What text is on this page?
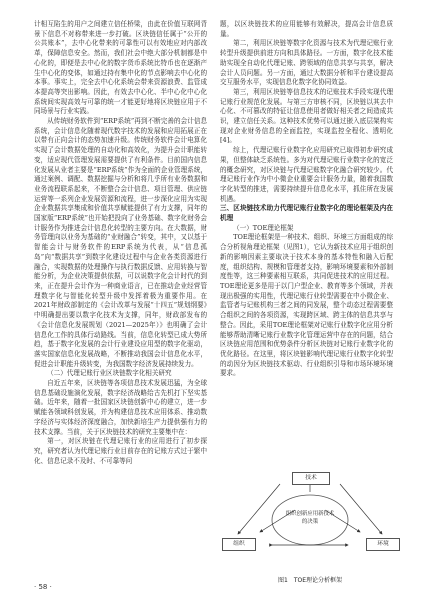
计相互陷生的用户之间建立信任桥梁，由此在价值互联网背景下信息不对称带来进一步打破。区块链信任属于“公开的公共账本”，去中心化带来的可靠性可以有效地应对内部改革，保障信息安全。然而，我们社会中绝大部分机制都是中心化的，即便是去中心化的数字货币系统比特币也在逐渐产生中心化的变体，如通过持有集中化的节点影响去中心化的本事。事实上，完全去中心化系统会带来资源浪费、监管成本提高等突出影响。因此，有效去中心化、半中心化中心化系统间实现高效与可靠的统一才能更好地将区块链应用于不同场景与行业实践。

从传统财务软件到“ERP系统”再到不断完善的会计信息系统，会计信息化随着现代数字技术的发展和应用拓展正在以带有正向会计的态势加速升级。传统财务软件会计电算化实现了会计数据处理的自动化和高效化，为提升会计职能转变，适应现代管理发展需要提供了有利条件。目前国内信息化发展从业者主要是“ERP系统”作为全面的企业管理系统，通过案例、调配、数据挖掘与分析和将几乎所有业务数据和业务流程联系起来，不断整合会计信息、项目管理、供应链运营等一系列企业发展资源和流程，进一步深化应用为实现企业数据共享集成和价值共享赋能提供了有力支撑，同年的国家版“ERP系统”也开始把投向了业务基础、数字化财务会计服务作为推进会计信息化转型的主要方向。在大数据，财务管理向以业务为基础的“业财融合”转变，其中，又以基于智能会计与财务软件的ERP系统为代表，从“信息孤岛”向“数据共享”到数字化建设过程中与企业各类资源进行融合，实现数据的处理操作与执行数据反馈、应用转换与智能分析，为企业决策提供依据，可以说数字化会计时代的到来，正在提升会计作为一种商业语言，已在推动企业经营管理数字化与智能化转型升级中发挥着极为重要作用。在2021年财政部制定的《会计改革与发展“十四五”规划纲要》中明确提出要以数字化技术为支撑，同年，财政部发布的《会计信息化发展规划（2021—2025年）》也明确了会计信息化工作的具体行动路线。当前，信息化转型已成大势所趋，基于数字化发展的会计行业建设应用型的数字化驱动，落实国家信息化发展战略，不断推动我国会计信息化水平，促进会计职能升级转变，为我国数字经济发展持续发力。

（二）代理记账行业区块链数字化相关研究

自近五年来，区块链等各项信息技术发展迅猛，为全球信息基础设施演化发展，数字经济战略给古先机打下坚实基础。近年来，随着一批国家区块链创新中心的建立，进一步赋能各领域科创发展，并为构建信息技术应用体系、推动数字经济与实体经济深度融合，加快新培生产力提供强有力的技术支撑。当前，关于区块链技术的研究主要集中在：

第一，对区块链在代理记账行业的应用进行了初步探究，研究者认为代理记账行业目前存在的记账方式过于繁中化、信息记录不及时、不可靠等问

题，以区块链技术的应用能够有效解决，提高会计信息质量。

第二，利用区块链等数字化资源与技术为代理记账行业转型升级提供前进方向和具体路径。一方面，数字化技术能助实现全自动化代理记账、跨领域的信息共享与共享，解决会计人员问题。另一方面，通过大数据分析和平台建设提高交互服务水平，实现信息化数字化协同效益。

第三，利用区块链等信息技术的记账技术手段实现代理记账行业规范化发展。与第三方审核不同，区块链以其去中心化、不可篡改的特征让信息使用者做好相关者之间造成共识，建立信任关系。这种技术优势可以通过嵌入底层架构实现对企业财务信息的全面监控，实现监控全程化、透明化[4]。

综上，代理记账行业数字化应用研究已取得初步研究成果，但整体缺乏系统性。多为对代理记账行业数字化的宽泛的概念研究，对区块链与代理记账数字化融合研究较少。代理记账行业作为中小微企业重要会计服务力量，随着我国数字化转型的推进，需要持续提升信息化水平，抓住所在发展机遇。

三、区块链技术助力代理记账行业数字化的理论框架及内在机理
（一）TOE理论框架

TOE理论框架是一种技术、组织、环境三方面组成的综合分析视角理论框架（见图1），它认为新技术应用于组织创新的影响因素主要取决于技术本身的基本特性和融入后配度，组织结构、规模和管理者支持，影响环境要素和外部制度性等，这三种要素相互联系，共同促进技术的应用过程。TOE理论更多是用于以门户型企业、教育等多个领域，并表现出极强的实用性，代理记账行业转型需要在中小微企业、监管者与记账机构三者之间的同发展，整个动态过程需要整合组织之间的各项资源，实现跨区域、跨主体的信息共享与整合。因此，采用TOE理论框架对记账行业数字化应用分析能够帮助清晰记账行业数字化管理运营中存在的问题，结合区块链应用范围和优势条件分析区块链对记账行业数字化的优化路径。在这里，将区块链影响代理记账行业数字化转型的动因分为区块链技术驱动、行业组织引导和市场环境环境要求。

技术
组织	环境
组织创新应用新技术
的决策
图1　TOE理论分析框架
· 58 ·
